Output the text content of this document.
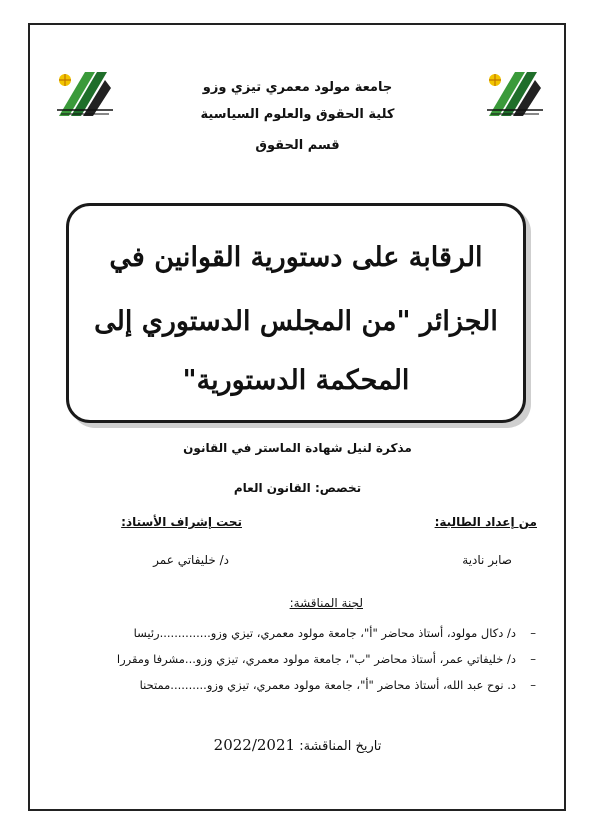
جامعة مولود معمري تيزي وزو
كلية الحقوق والعلوم السياسية
قسم الحقوق
الرقابة على دستورية القوانين في
الجزائر "من المجلس الدستوري إلى
المحكمة الدستورية"
مذكرة لنيل شهادة الماستر في القانون
تخصص: القانون العام
من إعداد الطالبة:
صابر نادية
تحت إشراف الأستاذ:
د/ خليفاتي عمر
لجنة المناقشة:
–د/ دكال مولود، أستاذ محاضر "أ"، جامعة مولود معمري، تيزي وزو..............رئيسا
–د/ خليفاتي عمر، أستاذ محاضر "ب"، جامعة مولود معمري، تيزي وزو...مشرفا ومقررا
–د. نوح عبد الله، أستاذ محاضر "أ"، جامعة مولود معمري، تيزي وزو..........ممتحنا
تاريخ المناقشة: 2022/2021
